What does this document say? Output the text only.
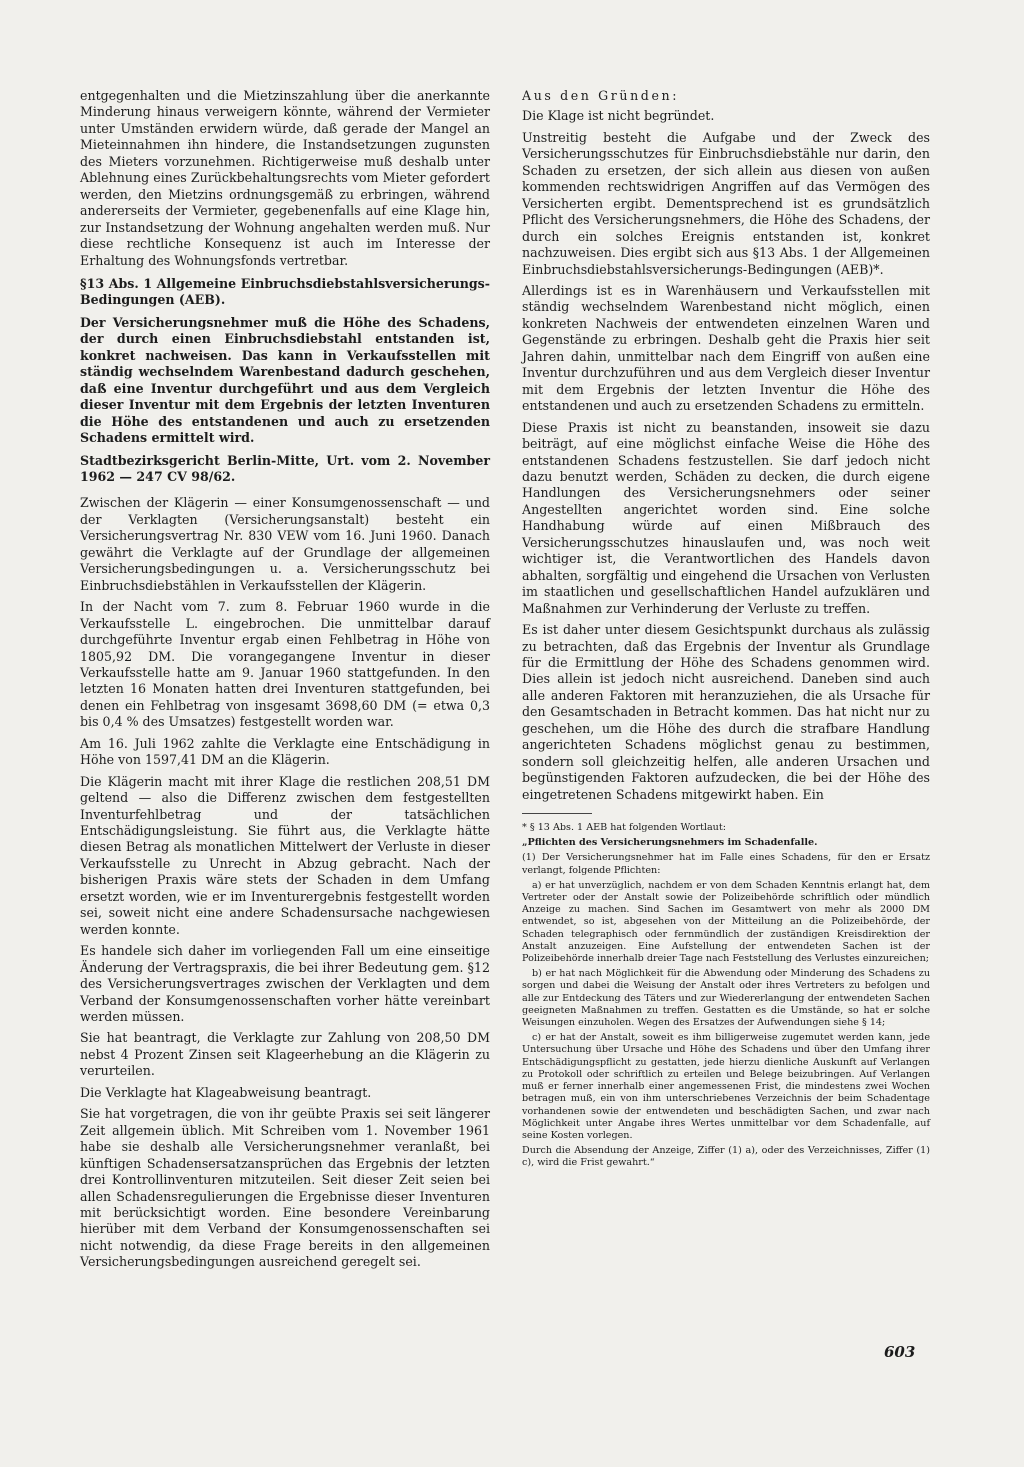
entgegenhalten und die Mietzinszahlung über die anerkannte Minderung hinaus verweigern könnte, während der Vermieter unter Umständen erwidern würde, daß gerade der Mangel an Mieteinnahmen ihn hindere, die Instandsetzungen zugunsten des Mieters vorzunehmen. Richtigerweise muß deshalb unter Ablehnung eines Zurückbehaltungsrechts vom Mieter gefordert werden, den Mietzins ordnungsgemäß zu erbringen, während andererseits der Vermieter, gegebenenfalls auf eine Klage hin, zur Instandsetzung der Wohnung angehalten werden muß. Nur diese rechtliche Konsequenz ist auch im Interesse der Erhaltung des Wohnungsfonds vertretbar.

§13 Abs. 1 Allgemeine Einbruchsdiebstahlsversicherungs-Bedingungen (AEB).

Der Versicherungsnehmer muß die Höhe des Schadens, der durch einen Einbruchsdiebstahl entstanden ist, konkret nachweisen. Das kann in Verkaufsstellen mit ständig wechselndem Warenbestand dadurch geschehen, daß eine Inventur durchgeführt und aus dem Vergleich dieser Inventur mit dem Ergebnis der letzten Inventuren die Höhe des entstandenen und auch zu ersetzenden Schadens ermittelt wird.

Stadtbezirksgericht Berlin-Mitte, Urt. vom 2. November 1962 — 247 CV 98/62.

Zwischen der Klägerin — einer Konsumgenossenschaft — und der Verklagten (Versicherungsanstalt) besteht ein Versicherungsvertrag Nr. 830 VEW vom 16. Juni 1960. Danach gewährt die Verklagte auf der Grundlage der allgemeinen Versicherungsbedingungen u. a. Versicherungsschutz bei Einbruchsdiebstählen in Verkaufsstellen der Klägerin.

In der Nacht vom 7. zum 8. Februar 1960 wurde in die Verkaufsstelle L. eingebrochen. Die unmittelbar darauf durchgeführte Inventur ergab einen Fehlbetrag in Höhe von 1805,92 DM. Die vorangegangene Inventur in dieser Verkaufsstelle hatte am 9. Januar 1960 stattgefunden. In den letzten 16 Monaten hatten drei Inventuren stattgefunden, bei denen ein Fehlbetrag von insgesamt 3698,60 DM (= etwa 0,3 bis 0,4 % des Umsatzes) festgestellt worden war.

Am 16. Juli 1962 zahlte die Verklagte eine Entschädigung in Höhe von 1597,41 DM an die Klägerin.

Die Klägerin macht mit ihrer Klage die restlichen 208,51 DM geltend — also die Differenz zwischen dem festgestellten Inventurfehlbetrag und der tatsächlichen Entschädigungsleistung. Sie führt aus, die Verklagte hätte diesen Betrag als monatlichen Mittelwert der Verluste in dieser Verkaufsstelle zu Unrecht in Abzug gebracht. Nach der bisherigen Praxis wäre stets der Schaden in dem Umfang ersetzt worden, wie er im Inventurergebnis festgestellt worden sei, soweit nicht eine andere Schadensursache nachgewiesen werden konnte.

Es handele sich daher im vorliegenden Fall um eine einseitige Änderung der Vertragspraxis, die bei ihrer Bedeutung gem. §12 des Versicherungsvertrages zwischen der Verklagten und dem Verband der Konsumgenossenschaften vorher hätte vereinbart werden müssen.

Sie hat beantragt, die Verklagte zur Zahlung von 208,50 DM nebst 4 Prozent Zinsen seit Klageerhebung an die Klägerin zu verurteilen.

Die Verklagte hat Klageabweisung beantragt.

Sie hat vorgetragen, die von ihr geübte Praxis sei seit längerer Zeit allgemein üblich. Mit Schreiben vom 1. November 1961 habe sie deshalb alle Versicherungsnehmer veranlaßt, bei künftigen Schadensersatzansprüchen das Ergebnis der letzten drei Kontrollinventuren mitzuteilen. Seit dieser Zeit seien bei allen Schadensregulierungen die Ergebnisse dieser Inventuren mit berücksichtigt worden. Eine besondere Vereinbarung hierüber mit dem Verband der Konsumgenossenschaften sei nicht notwendig, da diese Frage bereits in den allgemeinen Versicherungsbedingungen ausreichend geregelt sei.

Aus den Gründen:

Die Klage ist nicht begründet.

Unstreitig besteht die Aufgabe und der Zweck des Versicherungsschutzes für Einbruchsdiebstähle nur darin, den Schaden zu ersetzen, der sich allein aus diesen von außen kommenden rechtswidrigen Angriffen auf das Vermögen des Versicherten ergibt. Dementsprechend ist es grundsätzlich Pflicht des Versicherungsnehmers, die Höhe des Schadens, der durch ein solches Ereignis entstanden ist, konkret nachzuweisen. Dies ergibt sich aus §13 Abs. 1 der Allgemeinen Einbruchsdiebstahlsversicherungs-Bedingungen (AEB)*.

Allerdings ist es in Warenhäusern und Verkaufsstellen mit ständig wechselndem Warenbestand nicht möglich, einen konkreten Nachweis der entwendeten einzelnen Waren und Gegenstände zu erbringen. Deshalb geht die Praxis hier seit Jahren dahin, unmittelbar nach dem Eingriff von außen eine Inventur durchzuführen und aus dem Vergleich dieser Inventur mit dem Ergebnis der letzten Inventur die Höhe des entstandenen und auch zu ersetzenden Schadens zu ermitteln.

Diese Praxis ist nicht zu beanstanden, insoweit sie dazu beiträgt, auf eine möglichst einfache Weise die Höhe des entstandenen Schadens festzustellen. Sie darf jedoch nicht dazu benutzt werden, Schäden zu decken, die durch eigene Handlungen des Versicherungsnehmers oder seiner Angestellten angerichtet worden sind. Eine solche Handhabung würde auf einen Mißbrauch des Versicherungsschutzes hinauslaufen und, was noch weit wichtiger ist, die Verantwortlichen des Handels davon abhalten, sorgfältig und eingehend die Ursachen von Verlusten im staatlichen und gesellschaftlichen Handel aufzuklären und Maßnahmen zur Verhinderung der Verluste zu treffen.

Es ist daher unter diesem Gesichtspunkt durchaus als zulässig zu betrachten, daß das Ergebnis der Inventur als Grundlage für die Ermittlung der Höhe des Schadens genommen wird. Dies allein ist jedoch nicht ausreichend. Daneben sind auch alle anderen Faktoren mit heranzuziehen, die als Ursache für den Gesamtschaden in Betracht kommen. Das hat nicht nur zu geschehen, um die Höhe des durch die strafbare Handlung angerichteten Schadens möglichst genau zu bestimmen, sondern soll gleichzeitig helfen, alle anderen Ursachen und begünstigenden Faktoren aufzudecken, die bei der Höhe des eingetretenen Schadens mitgewirkt haben. Ein

* § 13 Abs. 1 AEB hat folgenden Wortlaut:

„Pflichten des Versicherungsnehmers im Schadenfalle.

(1) Der Versicherungsnehmer hat im Falle eines Schadens, für den er Ersatz verlangt, folgende Pflichten:

a) er hat unverzüglich, nachdem er von dem Schaden Kenntnis erlangt hat, dem Vertreter oder der Anstalt sowie der Polizeibehörde schriftlich oder mündlich Anzeige zu machen. Sind Sachen im Gesamtwert von mehr als 2000 DM entwendet, so ist, abgesehen von der Mitteilung an die Polizeibehörde, der Schaden telegraphisch oder fernmündlich der zuständigen Kreisdirektion der Anstalt anzuzeigen. Eine Aufstellung der entwendeten Sachen ist der Polizeibehörde innerhalb dreier Tage nach Feststellung des Verlustes einzureichen;

b) er hat nach Möglichkeit für die Abwendung oder Minderung des Schadens zu sorgen und dabei die Weisung der Anstalt oder ihres Vertreters zu befolgen und alle zur Entdeckung des Täters und zur Wiedererlangung der entwendeten Sachen geeigneten Maßnahmen zu treffen. Gestatten es die Umstände, so hat er solche Weisungen einzuholen. Wegen des Ersatzes der Aufwendungen siehe § 14;

c) er hat der Anstalt, soweit es ihm billigerweise zugemutet werden kann, jede Untersuchung über Ursache und Höhe des Schadens und über den Umfang ihrer Entschädigungspflicht zu gestatten, jede hierzu dienliche Auskunft auf Verlangen zu Protokoll oder schriftlich zu erteilen und Belege beizubringen. Auf Verlangen muß er ferner innerhalb einer angemessenen Frist, die mindestens zwei Wochen betragen muß, ein von ihm unterschriebenes Verzeichnis der beim Schadentage vorhandenen sowie der entwendeten und beschädigten Sachen, und zwar nach Möglichkeit unter Angabe ihres Wertes unmittelbar vor dem Schadenfalle, auf seine Kosten vorlegen.

Durch die Absendung der Anzeige, Ziffer (1) a), oder des Verzeichnisses, Ziffer (1) c), wird die Frist gewahrt.“

603
